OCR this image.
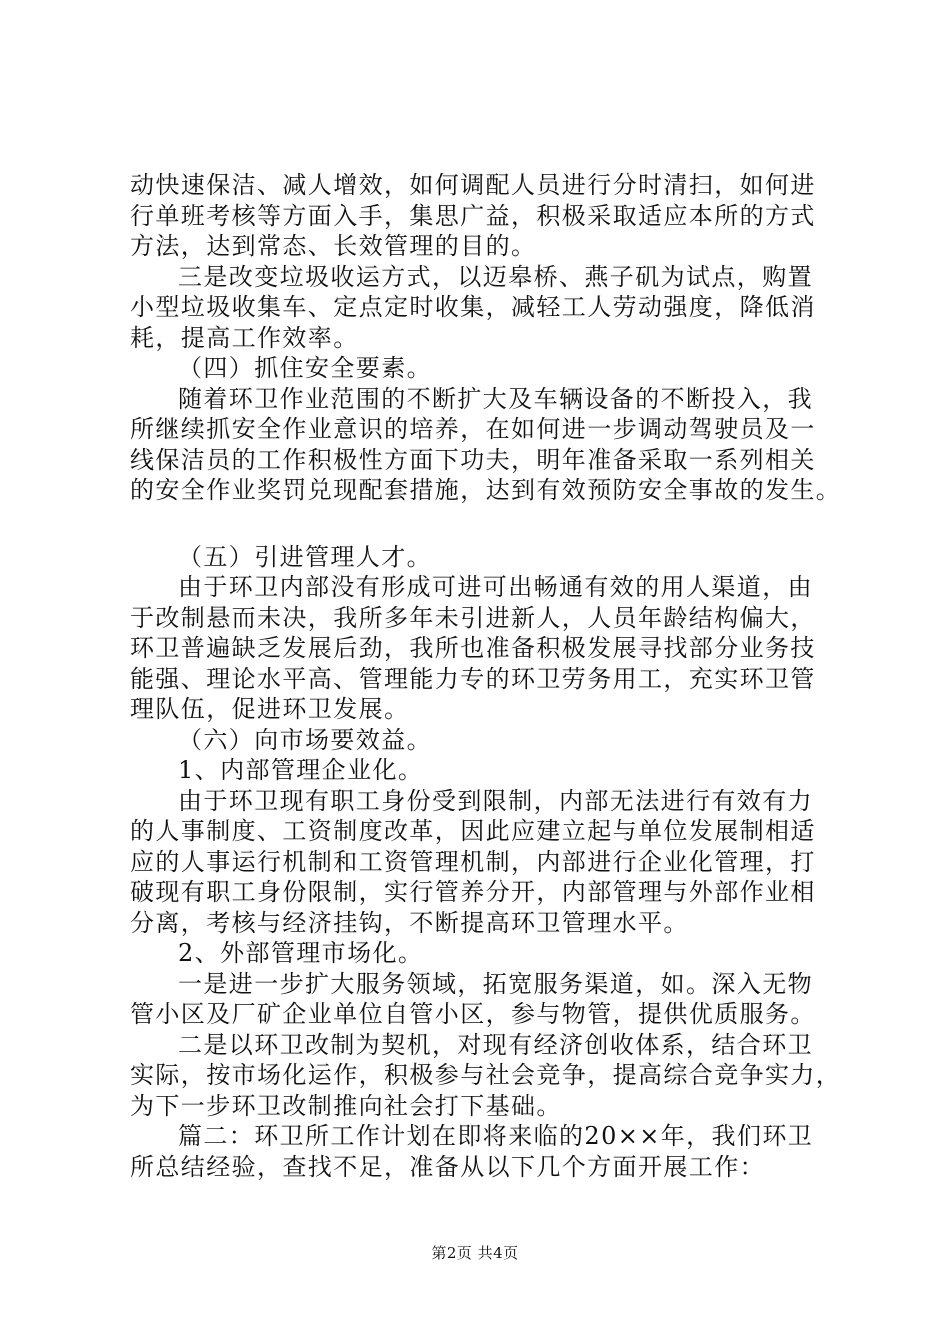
动快速保洁、减人增效，如何调配人员进行分时清扫，如何进
行单班考核等方面入手，集思广益，积极采取适应本所的方式
方法，达到常态、长效管理的目的。
三是改变垃圾收运方式，以迈皋桥、燕子矶为试点，购置
小型垃圾收集车、定点定时收集，减轻工人劳动强度，降低消
耗，提高工作效率。
（四）抓住安全要素。
随着环卫作业范围的不断扩大及车辆设备的不断投入，我
所继续抓安全作业意识的培养，在如何进一步调动驾驶员及一
线保洁员的工作积极性方面下功夫，明年准备采取一系列相关
的安全作业奖罚兑现配套措施，达到有效预防安全事故的发生。
（五）引进管理人才。
由于环卫内部没有形成可进可出畅通有效的用人渠道，由
于改制悬而未决，我所多年未引进新人，人员年龄结构偏大，
环卫普遍缺乏发展后劲，我所也准备积极发展寻找部分业务技
能强、理论水平高、管理能力专的环卫劳务用工，充实环卫管
理队伍，促进环卫发展。
（六）向市场要效益。
1、内部管理企业化。
由于环卫现有职工身份受到限制，内部无法进行有效有力
的人事制度、工资制度改革，因此应建立起与单位发展制相适
应的人事运行机制和工资管理机制，内部进行企业化管理，打
破现有职工身份限制，实行管养分开，内部管理与外部作业相
分离，考核与经济挂钩，不断提高环卫管理水平。
2、外部管理市场化。
一是进一步扩大服务领域，拓宽服务渠道，如。深入无物
管小区及厂矿企业单位自管小区，参与物管，提供优质服务。
二是以环卫改制为契机，对现有经济创收体系，结合环卫
实际，按市场化运作，积极参与社会竞争，提高综合竞争实力，
为下一步环卫改制推向社会打下基础。
篇二：环卫所工作计划在即将来临的20××年，我们环卫
所总结经验，查找不足，准备从以下几个方面开展工作：
第2页 共4页
